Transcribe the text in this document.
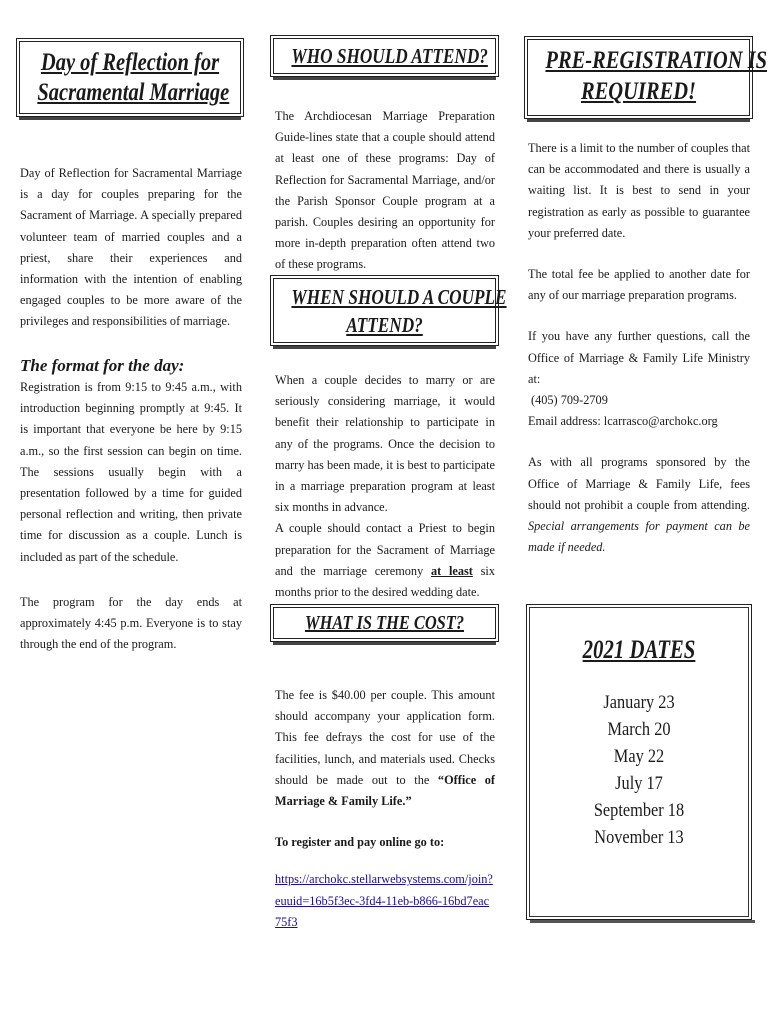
Day of Reflection for
Sacramental Marriage

Day of Reflection for Sacramental Marriage is a day for couples preparing for the Sacrament of Marriage. A specially prepared volunteer team of married couples and a priest, share their experiences and information with the intention of enabling engaged couples to be more aware of the privileges and responsibilities of marriage.

The format for the day:

Registration is from 9:15 to 9:45 a.m., with introduction beginning promptly at 9:45. It is important that everyone be here by 9:15 a.m., so the first session can begin on time. The sessions usually begin with a presentation followed by a time for guided personal reflection and writing, then private time for discussion as a couple. Lunch is included as part of the schedule.

The program for the day ends at approximately 4:45 p.m. Everyone is to stay through the end of the program.

WHO SHOULD ATTEND?

The Archdiocesan Marriage Preparation Guide-lines state that a couple should attend at least one of these programs: Day of Reflection for Sacramental Marriage, and/or the Parish Sponsor Couple program at a parish. Couples desiring an opportunity for more in-depth preparation often attend two of these programs.

WHEN SHOULD A COUPLE
ATTEND?

When a couple decides to marry or are seriously considering marriage, it would benefit their relationship to participate in any of the programs. Once the decision to marry has been made, it is best to participate in a marriage preparation program at least six months in advance.

A couple should contact a Priest to begin preparation for the Sacrament of Marriage and the marriage ceremony at least six months prior to the desired wedding date.

WHAT IS THE COST?

The fee is $40.00 per couple. This amount should accompany your application form. This fee defrays the cost for use of the facilities, lunch, and materials used. Checks should be made out to the “Office of Marriage & Family Life.”

To register and pay online go to:

https://archokc.stellarwebsystems.com/join?euuid=16b5f3ec-3fd4-11eb-b866-16bd7eac75f3

PRE-REGISTRATION IS
REQUIRED!

There is a limit to the number of couples that can be accommodated and there is usually a waiting list. It is best to send in your registration as early as possible to guarantee your preferred date.

The total fee be applied to another date for any of our marriage preparation programs.

If you have any further questions, call the Office of Marriage & Family Life Ministry at:

(405) 709-2709

Email address: lcarrasco@archokc.org

As with all programs sponsored by the Office of Marriage & Family Life, fees should not prohibit a couple from attending. Special arrangements for payment can be made if needed.

2021 DATES
January 23
March 20
May 22
July 17
September 18
November 13
